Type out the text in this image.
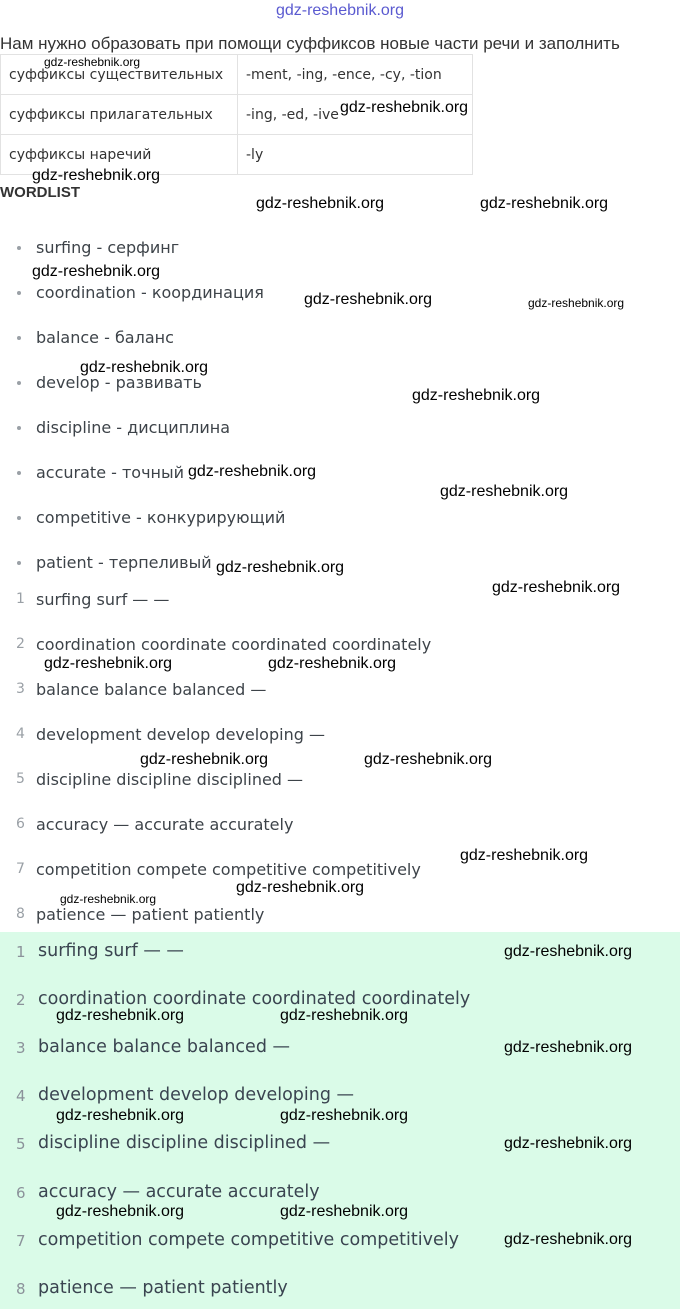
gdz-reshebnik.org
Нам нужно образовать при помощи суффиксов новые части речи и заполнить
суффиксы существительных	-ment, -ing, -ence, -cy, -tion
суффиксы прилагательных	-ing, -ed, -ive
суффиксы наречий	-ly
WORDLIST
surfing - серфинг
coordination - координация
balance - баланс
develop - развивать
discipline - дисциплина
accurate - точный
competitive - конкурирующий
patient - терпеливый
1 surfing surf — —
2 coordination coordinate coordinated coordinately
3 balance balance balanced —
4 development develop developing —
5 discipline discipline disciplined —
6 accuracy — accurate accurately
7 competition compete competitive competitively
8 patience — patient patiently
1 surfing surf — —
2 coordination coordinate coordinated coordinately
3 balance balance balanced —
4 development develop developing —
5 discipline discipline disciplined —
6 accuracy — accurate accurately
7 competition compete competitive competitively
8 patience — patient patiently
gdz-reshebnik.org
gdz-reshebnik.org
gdz-reshebnik.org
gdz-reshebnik.org	gdz-reshebnik.org
gdz-reshebnik.org
gdz-reshebnik.org	gdz-reshebnik.org
gdz-reshebnik.org
gdz-reshebnik.org
gdz-reshebnik.org
gdz-reshebnik.org
gdz-reshebnik.org
gdz-reshebnik.org
gdz-reshebnik.org	gdz-reshebnik.org
gdz-reshebnik.org	gdz-reshebnik.org
gdz-reshebnik.org
gdz-reshebnik.org
gdz-reshebnik.org
gdz-reshebnik.org
gdz-reshebnik.org	gdz-reshebnik.org
gdz-reshebnik.org
gdz-reshebnik.org	gdz-reshebnik.org
gdz-reshebnik.org
gdz-reshebnik.org	gdz-reshebnik.org
gdz-reshebnik.org
